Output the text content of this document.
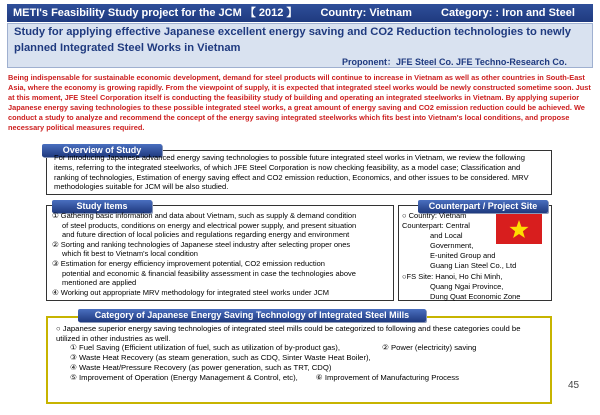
METI's Feasibility Study project for the JCM 【 2012 】 Country: Vietnam	Category: : Iron and Steel
Study for applying effective Japanese excellent energy saving and CO2 Reduction technologies to newly
planned Integrated Steel Works in Vietnam
Proponent：JFE Steel Co. JFE Techno-Research Co.
Being indispensable for sustainable economic development, demand for steel products will continue to increase in Vietnam as well as other countries in South-East Asia, where the economy is growing rapidly. From the viewpoint of supply, it is expected that integrated steel works would be newly constructed sometime soon. Just at this moment, JFE Steel Corporation itself is conducting the feasibility study of building and operating an integrated steelworks in Vietnam. By applying superior Japanese energy saving technologies to these possible integrated steel works, a great amount of energy saving and CO2 emission reduction could be achieved. We conduct a study to analyze and recommend the concept of the energy saving integrated steelworks which fits best into Vietnam's local conditions, and propose necessary political measures required.
Overview of Study
For introducing Japanese advanced energy saving technologies to possible future integrated steel works in Vietnam, we review the following items, referring to the integrated steelworks, of which JFE Steel Corporation is now checking feasibility, as a model case; Classification and ranking of technologies, Estimation of energy saving effect and CO2 emission reduction, Economics, and other issues to be considered. MRV methodologies suitable for JCM will be also studied.
Study Items

① Gathering basic information and data about Vietnam, such as supply & demand condition

of steel products, conditions on energy and electrical power supply, and present situation

and future direction of local policies and regulations regarding energy and environment

② Sorting and ranking technologies of Japanese steel industry after selecting proper ones

which fit best to Vietnam's local condition

③ Estimation for energy efficiency improvement potential, CO2 emission reduction

potential and economic & financial feasibility assessment in case the technologies above

mentioned are applied

④ Working out appropriate MRV methodology for integrated steel works under JCM

Counterpart / Project Site
○ Country: Vietnam
Counterpart: Central
and Local
Government,
E-united Group and
Guang Lian Steel Co., Ltd
○FS Site: Hanoi, Ho Chi Minh,
Quang Ngai Province,
Dung Quat Economic Zone
Category of Japanese Energy Saving Technology of Integrated Steel Mills
○ Japanese superior energy saving technologies of integrated steel mills could be categorized to following and these categories could be utilized in other industries as well.
① Fuel Saving (Efficient utilization of fuel, such as utilization of by-product gas),	② Power (electricity) saving
③ Waste Heat Recovery (as steam generation, such as CDQ, Sinter Waste Heat Boiler),
④ Waste Heat/Pressure Recovery (as power generation, such as TRT, CDQ)
⑤ Improvement of Operation (Energy Management & Control, etc), ⑥ Improvement of Manufacturing Process
45
